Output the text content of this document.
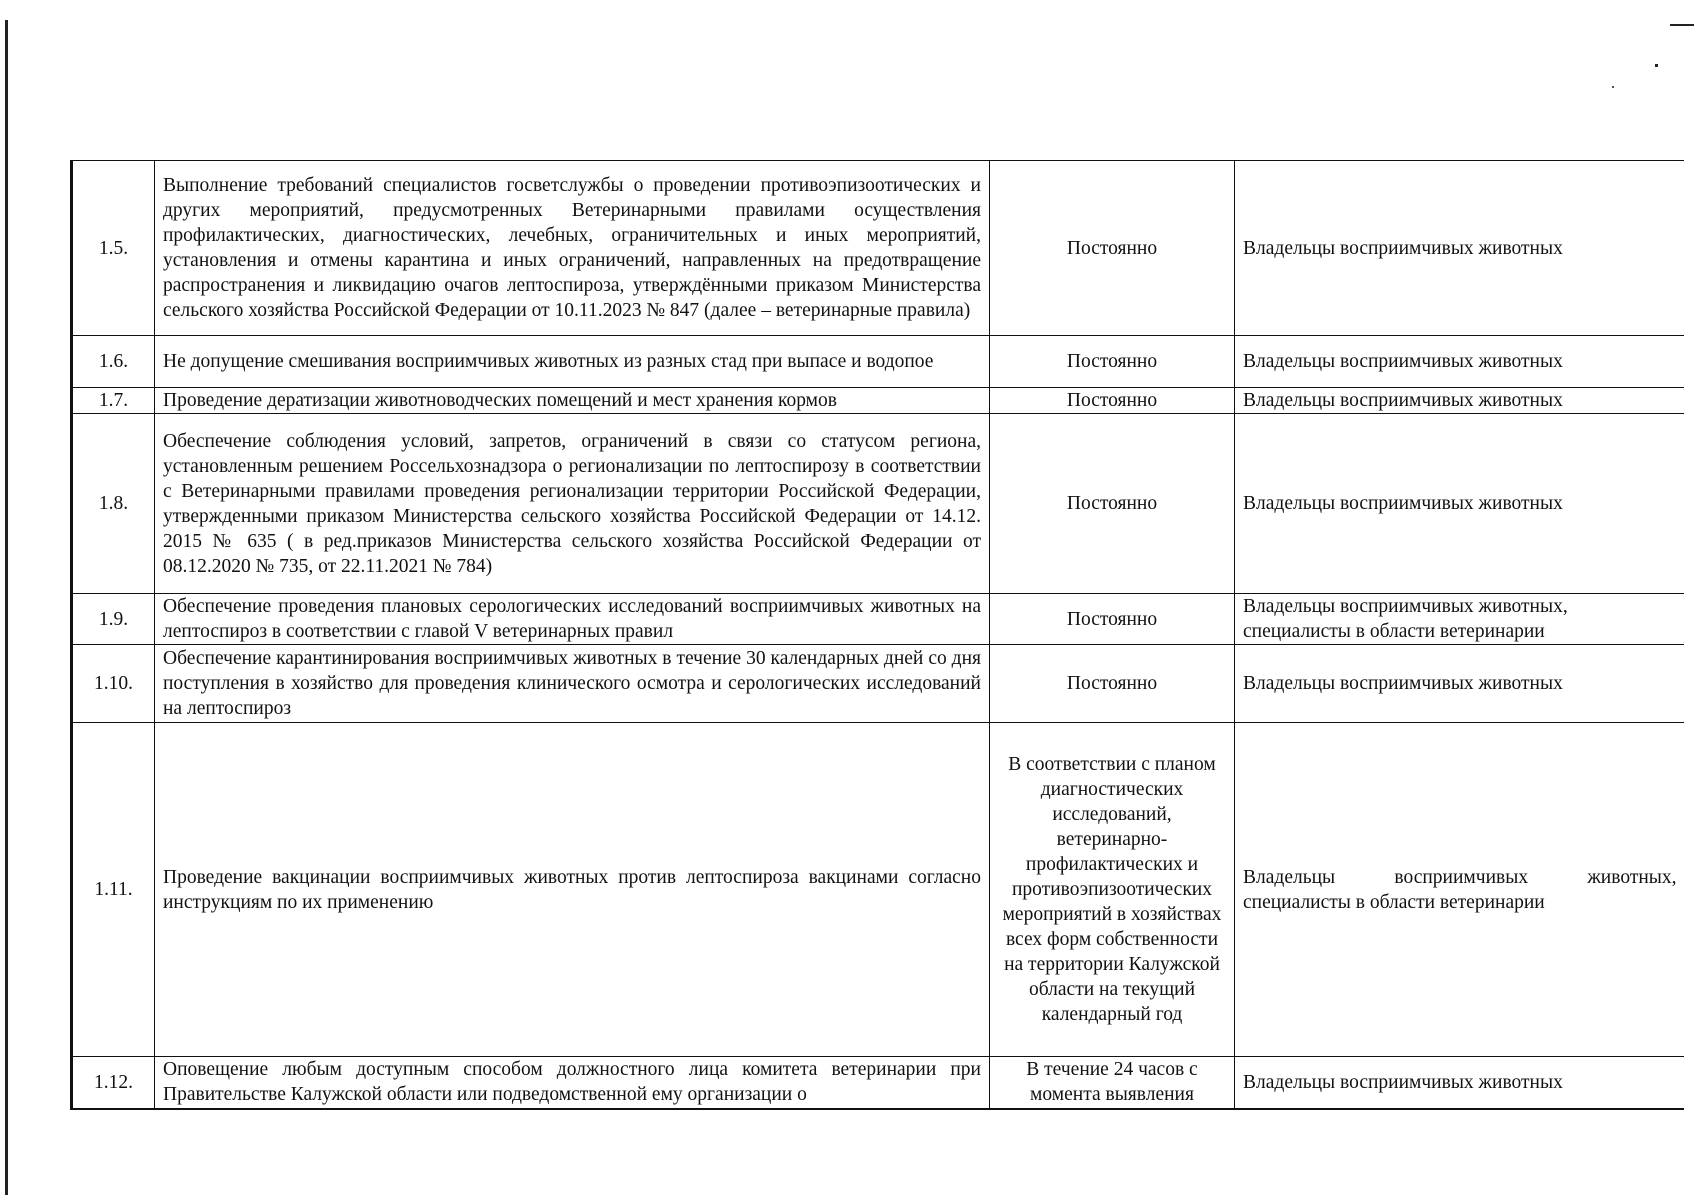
1.5.	Выполнение требований специалистов госветслужбы о проведении противоэпизоотических и других мероприятий, предусмотренных Ветеринарными правилами осуществления профилактических, диагностических, лечебных, ограничительных и иных мероприятий, установления и отмены карантина и иных ограничений, направленных на предотвращение распространения и ликвидацию очагов лептоспироза, утверждёнными приказом Министерства сельского хозяйства Российской Федерации от 10.11.2023 № 847 (далее – ветеринарные правила)	Постоянно	Владельцы восприимчивых животных
1.6.	Не допущение смешивания восприимчивых животных из разных стад при выпасе и водопое	Постоянно	Владельцы восприимчивых животных
1.7.	Проведение дератизации животноводческих помещений и мест хранения кормов	Постоянно	Владельцы восприимчивых животных
1.8.	Обеспечение соблюдения условий, запретов, ограничений в связи со статусом региона, установленным решением Россельхознадзора о регионализации по лептоспирозу в соответствии с Ветеринарными правилами проведения регионализации территории Российской Федерации, утвержденными приказом Министерства сельского хозяйства Российской Федерации от 14.12. 2015 № 635 ( в ред.приказов Министерства сельского хозяйства Российской Федерации от 08.12.2020 № 735, от 22.11.2021 № 784)	Постоянно	Владельцы восприимчивых животных
1.9.	Обеспечение проведения плановых серологических исследований восприимчивых животных на лептоспироз в соответствии с главой V ветеринарных правил	Постоянно	Владельцы восприимчивых животных, специалисты в области ветеринарии
1.10.	Обеспечение карантинирования восприимчивых животных в течение 30 календарных дней со дня поступления в хозяйство для проведения клинического осмотра и серологических исследований на лептоспироз	Постоянно	Владельцы восприимчивых животных
1.11.	Проведение вакцинации восприимчивых животных против лептоспироза вакцинами согласно инструкциям по их применению	В соответствии с планом диагностических исследований, ветеринарно-профилактических и противоэпизоотических мероприятий в хозяйствах всех форм собственности на территории Калужской области на текущий календарный год	Владельцы восприимчивых животных, специалисты в области ветеринарии
1.12.	Оповещение любым доступным способом должностного лица комитета ветеринарии при Правительстве Калужской области или подведомственной ему организации о	В течение 24 часов с момента выявления	Владельцы восприимчивых животных
